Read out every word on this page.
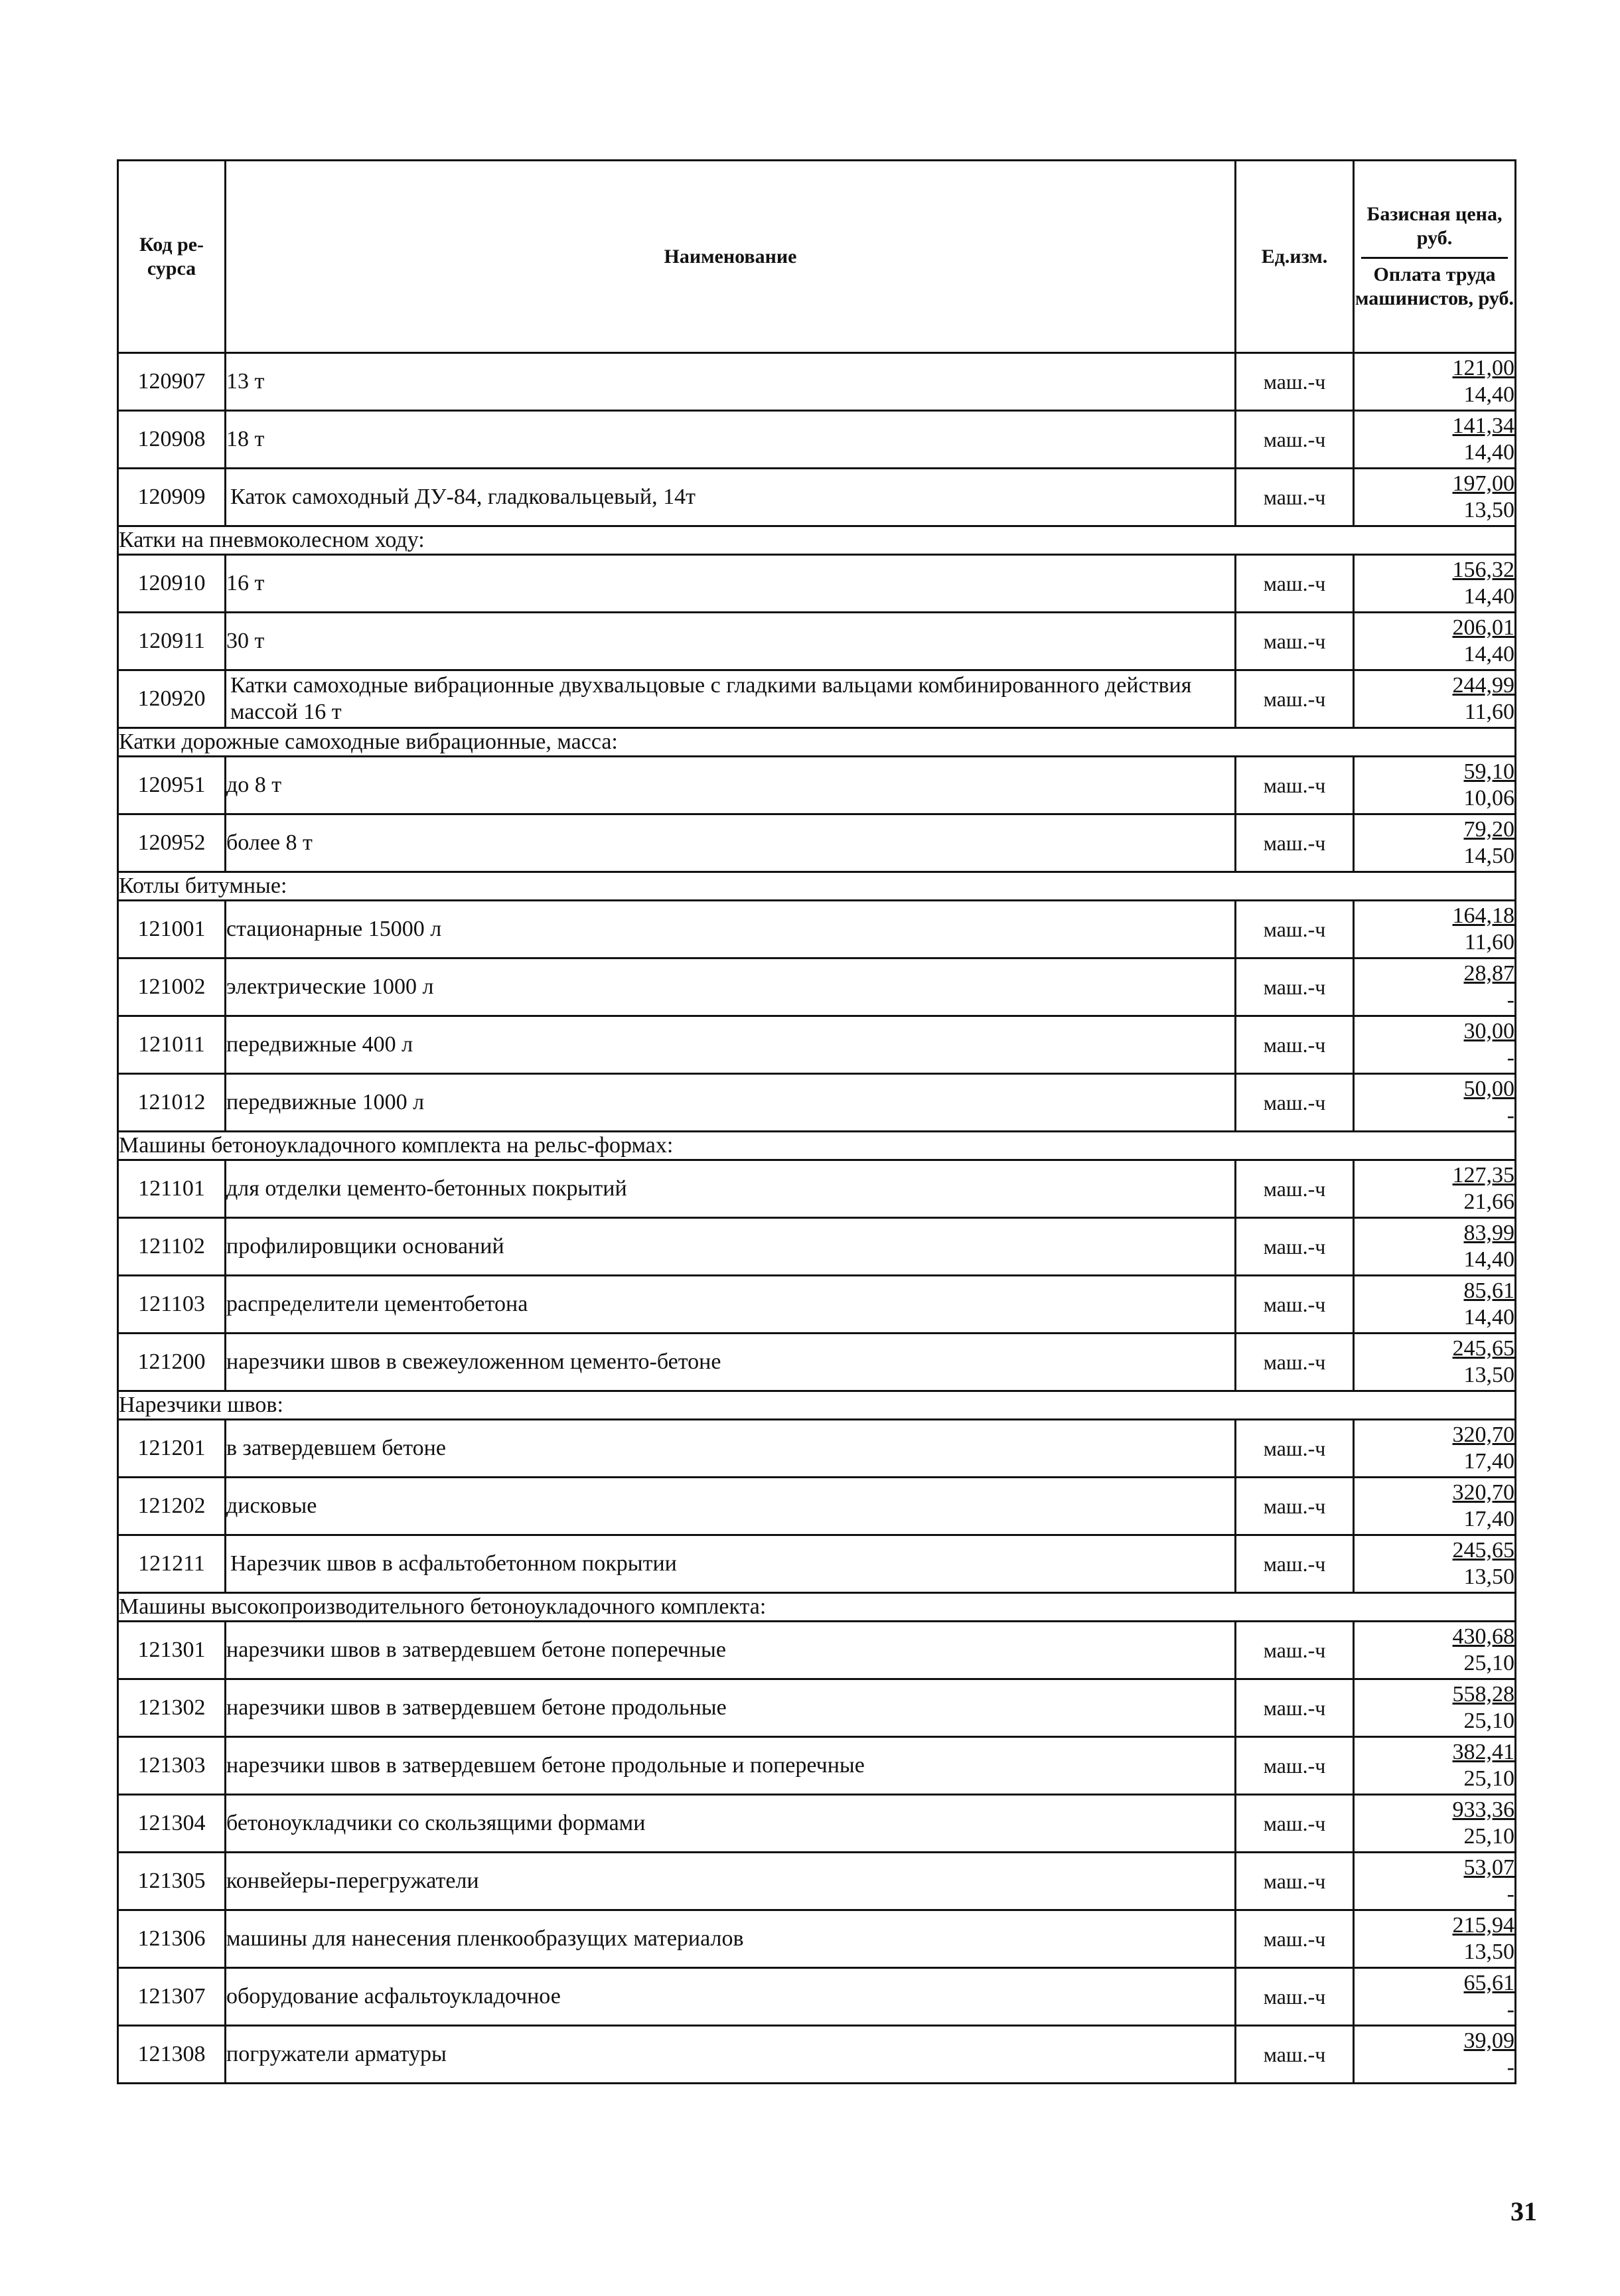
Код ре-сурса	Наименование	Ед.изм.	Базисная цена, руб.
Оплата труда машинистов, руб.

120907	13 т	маш.-ч	121,00
14,40

120908	18 т	маш.-ч	141,34
14,40

120909	Каток самоходный ДУ-84, гладковальцевый, 14т	маш.-ч	197,00
13,50

Катки на пневмоколесном ходу:			
120910	16 т	маш.-ч	156,32
14,40

120911	30 т	маш.-ч	206,01
14,40

120920	Катки самоходные вибрационные двухвальцовые с гладкими вальцами комбинированного действия массой 16 т	маш.-ч	244,99
11,60

Катки дорожные самоходные вибрационные, масса:			
120951	до 8 т	маш.-ч	59,10
10,06

120952	более 8 т	маш.-ч	79,20
14,50

Котлы битумные:			
121001	стационарные 15000 л	маш.-ч	164,18
11,60

121002	электрические 1000 л	маш.-ч	28,87
-

121011	передвижные 400 л	маш.-ч	30,00
-

121012	передвижные 1000 л	маш.-ч	50,00
-

Машины бетоноукладочного комплекта на рельс-формах:			
121101	для отделки цементо-бетонных покрытий	маш.-ч	127,35
21,66

121102	профилировщики оснований	маш.-ч	83,99
14,40

121103	распределители цементобетона	маш.-ч	85,61
14,40

121200	нарезчики швов в свежеуложенном цементо-бетоне	маш.-ч	245,65
13,50

Нарезчики швов:			
121201	в затвердевшем бетоне	маш.-ч	320,70
17,40

121202	дисковые	маш.-ч	320,70
17,40

121211	Нарезчик швов в асфальтобетонном покрытии	маш.-ч	245,65
13,50

Машины высокопроизводительного бетоноукладочного комплекта:			
121301	нарезчики швов в затвердевшем бетоне поперечные	маш.-ч	430,68
25,10

121302	нарезчики швов в затвердевшем бетоне продольные	маш.-ч	558,28
25,10

121303	нарезчики швов в затвердевшем бетоне продольные и поперечные	маш.-ч	382,41
25,10

121304	бетоноукладчики со скользящими формами	маш.-ч	933,36
25,10

121305	конвейеры-перегружатели	маш.-ч	53,07
-

121306	машины для нанесения пленкообразущих материалов	маш.-ч	215,94
13,50

121307	оборудование асфальтоукладочное	маш.-ч	65,61
-

121308	погружатели арматуры	маш.-ч	39,09
-
31
